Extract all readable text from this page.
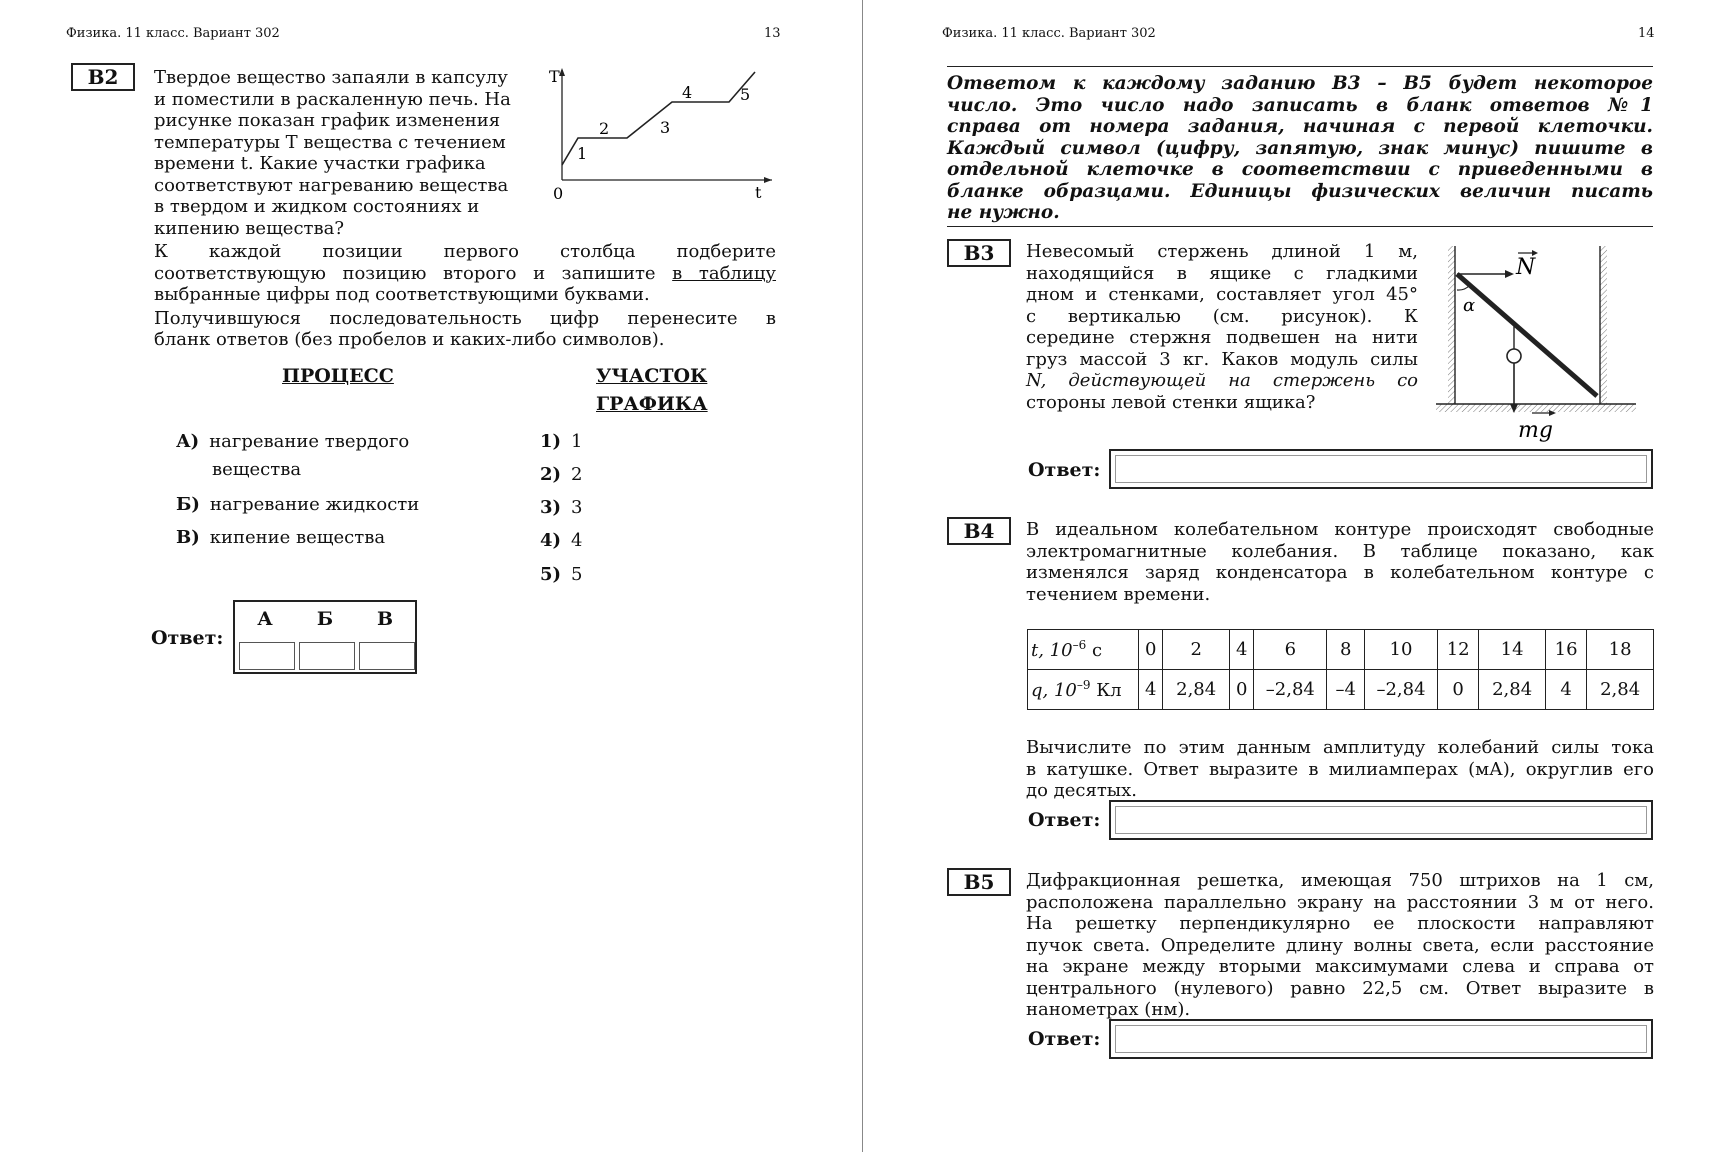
Физика. 11 класс. Вариант 302	13
В2	Твердое вещество запаяли в капсулу
и поместили в раскаленную печь. На
рисунке показан график изменения
температуры T вещества с течением
времени t. Какие участки графика
соответствуют нагреванию вещества
в твердом и жидком состояниях и
кипению вещества?
T
t
0
1
2	3
4	5
К каждой позиции первого столбца подберите
соответствующую позицию второго и запишите в таблицу
выбранные цифры под соответствующими буквами.
Получившуюся последовательность цифр перенесите в
бланк ответов (без пробелов и каких-либо символов).
ПРОЦЕСС	УЧАСТОК
ГРАФИКА
А) нагревание твердого
вещества
Б) нагревание жидкости
В) кипение вещества
1) 1
2) 2
3) 3
4) 4
5) 5
Ответ:
А	Б	В
Физика. 11 класс. Вариант 302	14
Ответом к каждому заданию В3 – В5 будет некоторое
число. Это число надо записать в бланк ответов №1
справа от номера задания, начиная с первой клеточки.
Каждый символ (цифру, запятую, знак минус) пишите в
отдельной клеточке в соответствии с приведенными в
бланке образцами. Единицы физических величин писать
не нужно.
В3	Невесомый стержень длиной 1 м,
находящийся в ящике с гладкими
дном и стенками, составляет угол 45°
с вертикалью (см. рисунок). К
середине стержня подвешен на нити
груз массой 3 кг. Каков модуль силы
N, действующей на стержень со
стороны левой стенки ящика?
N
α
mg
Ответ:
В4	В идеальном колебательном контуре происходят свободные
электромагнитные колебания. В таблице показано, как
изменялся заряд конденсатора в колебательном контуре с
течением времени.
t, $10^{-6}$ с	0	2	4	6	8	10	12	14	16	18
q, $10^{-9}$ Кл	4	2,84	0	–2,84	–4	–2,84	0	2,84	4	2,84
Вычислите по этим данным амплитуду колебаний силы тока
в катушке. Ответ выразите в милиамперах (мА), округлив его
до десятых.
Ответ:
В5	Дифракционная решетка, имеющая 750 штрихов на 1 см,
расположена параллельно экрану на расстоянии 3 м от него.
На решетку перпендикулярно ее плоскости направляют
пучок света. Определите длину волны света, если расстояние
на экране между вторыми максимумами слева и справа от
центрального (нулевого) равно 22,5 см. Ответ выразите в
нанометрах (нм).
Ответ:
